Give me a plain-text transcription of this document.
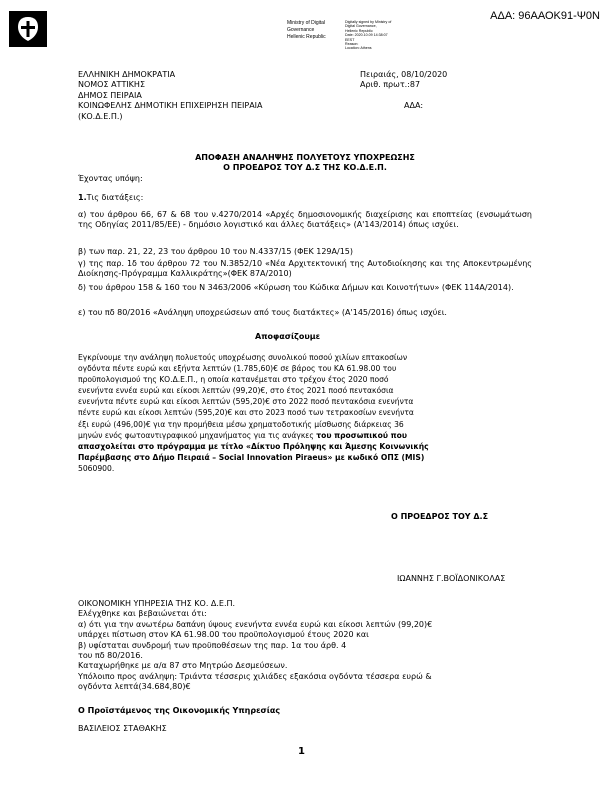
ΑΔΑ: 96ΑΑΟΚ91-Ψ0Ν
Ministry of Digital
Governance
Hellenic Republic
Digitally signed by Ministry of
Digital Governance,
Hellenic Republic
Date: 2020.10.09 14:38:07
EEST
Reason:
Location: Athens
ΕΛΛΗΝΙΚΗ ΔΗΜΟΚΡΑΤΙΑ
ΝΟΜΟΣ ΑΤΤΙΚΗΣ
ΔΗΜΟΣ ΠΕΙΡΑΙΑ
ΚΟΙΝΩΦΕΛΗΣ ΔΗΜΟΤΙΚΗ ΕΠΙΧΕΙΡΗΣΗ ΠΕΙΡΑΙΑ
(ΚΟ.Δ.Ε.Π.)
Πειραιάς, 08/10/2020
Αριθ. πρωτ.:87
ΑΔΑ:
ΑΠΟΦΑΣΗ ΑΝΑΛΗΨΗΣ ΠΟΛΥΕΤΟΥΣ ΥΠΟΧΡΕΩΣΗΣ
Ο ΠΡΟΕΔΡΟΣ ΤΟΥ Δ.Σ ΤΗΣ ΚΟ.Δ.Ε.Π.
Έχοντας υπόψη:
1.Τις διατάξεις:
α) του άρθρου 66, 67 & 68 του ν.4270/2014 «Αρχές δημοσιονομικής διαχείρισης και εποπτείας (ενσωμάτωση της Οδηγίας 2011/85/ΕΕ) - δημόσιο λογιστικό και άλλες διατάξεις» (Α'143/2014) όπως ισχύει.
β) των παρ. 21, 22, 23 του άρθρου 10 του Ν.4337/15 (ΦΕΚ 129Α/15)
γ) της παρ. 1δ του άρθρου 72 του Ν.3852/10 «Νέα Αρχιτεκτονική της Αυτοδιοίκησης και της Αποκεντρωμένης Διοίκησης-Πρόγραμμα Καλλικράτης»(ΦΕΚ 87Α/2010)
δ) του άρθρου 158 & 160 του Ν 3463/2006 «Κύρωση του Κώδικα Δήμων και Κοινοτήτων» (ΦΕΚ 114Α/2014).
ε) του πδ 80/2016 «Ανάληψη υποχρεώσεων από τους διατάκτες» (Α'145/2016) όπως ισχύει.
Αποφασίζουμε
Εγκρίνουμε την ανάληψη πολυετούς υποχρέωσης συνολικού ποσού χιλίων επτακοσίων
ογδόντα πέντε ευρώ και εξήντα λεπτών (1.785,60)€ σε βάρος του ΚΑ 61.98.00 του
προϋπολογισμού της ΚΟ.Δ.Ε.Π., η οποία κατανέμεται στο τρέχον έτος 2020 ποσό
ενενήντα εννέα ευρώ και είκοσι λεπτών (99,20)€, στο έτος 2021 ποσό πεντακόσια
ενενήντα πέντε ευρώ και είκοσι λεπτών (595,20)€ στο 2022 ποσό πεντακόσια ενενήντα
πέντε ευρώ και είκοσι λεπτών (595,20)€ και στο 2023 ποσό των τετρακοσίων ενενήντα
έξι ευρώ (496,00)€ για την προμήθεια μέσω χρηματοδοτικής μίσθωσης διάρκειας 36
μηνών ενός φωτοαντιγραφικού μηχανήματος για τις ανάγκες του προσωπικού που
απασχολείται στο πρόγραμμα με τίτλο «Δίκτυο Πρόληψης και Άμεσης Κοινωνικής
Παρέμβασης στο Δήμο Πειραιά – Social Innovation Piraeus» με κωδικό ΟΠΣ (MIS)
5060900.
Ο ΠΡΟΕΔΡΟΣ ΤΟΥ Δ.Σ
ΙΩΑΝΝΗΣ Γ.ΒΟΪΔΟΝΙΚΟΛΑΣ
ΟΙΚΟΝΟΜΙΚΗ ΥΠΗΡΕΣΙΑ ΤΗΣ ΚΟ. Δ.Ε.Π.
Ελέγχθηκε και βεβαιώνεται ότι:
α) ότι για την ανωτέρω δαπάνη ύψους ενενήντα εννέα ευρώ και είκοσι λεπτών (99,20)€
υπάρχει πίστωση στον ΚΑ 61.98.00 του προϋπολογισμού έτους 2020 και
β) υφίσταται συνδρομή των προϋποθέσεων της παρ. 1α του άρθ. 4
του πδ 80/2016.
Καταχωρήθηκε με α/α 87 στο Μητρώο Δεσμεύσεων.
Υπόλοιπο προς ανάληψη: Τριάντα τέσσερις χιλιάδες εξακόσια ογδόντα τέσσερα ευρώ &
ογδόντα λεπτά(34.684,80)€
Ο Προϊστάμενος της Οικονομικής Υπηρεσίας
ΒΑΣΙΛΕΙΟΣ ΣΤΑΘΑΚΗΣ
1
